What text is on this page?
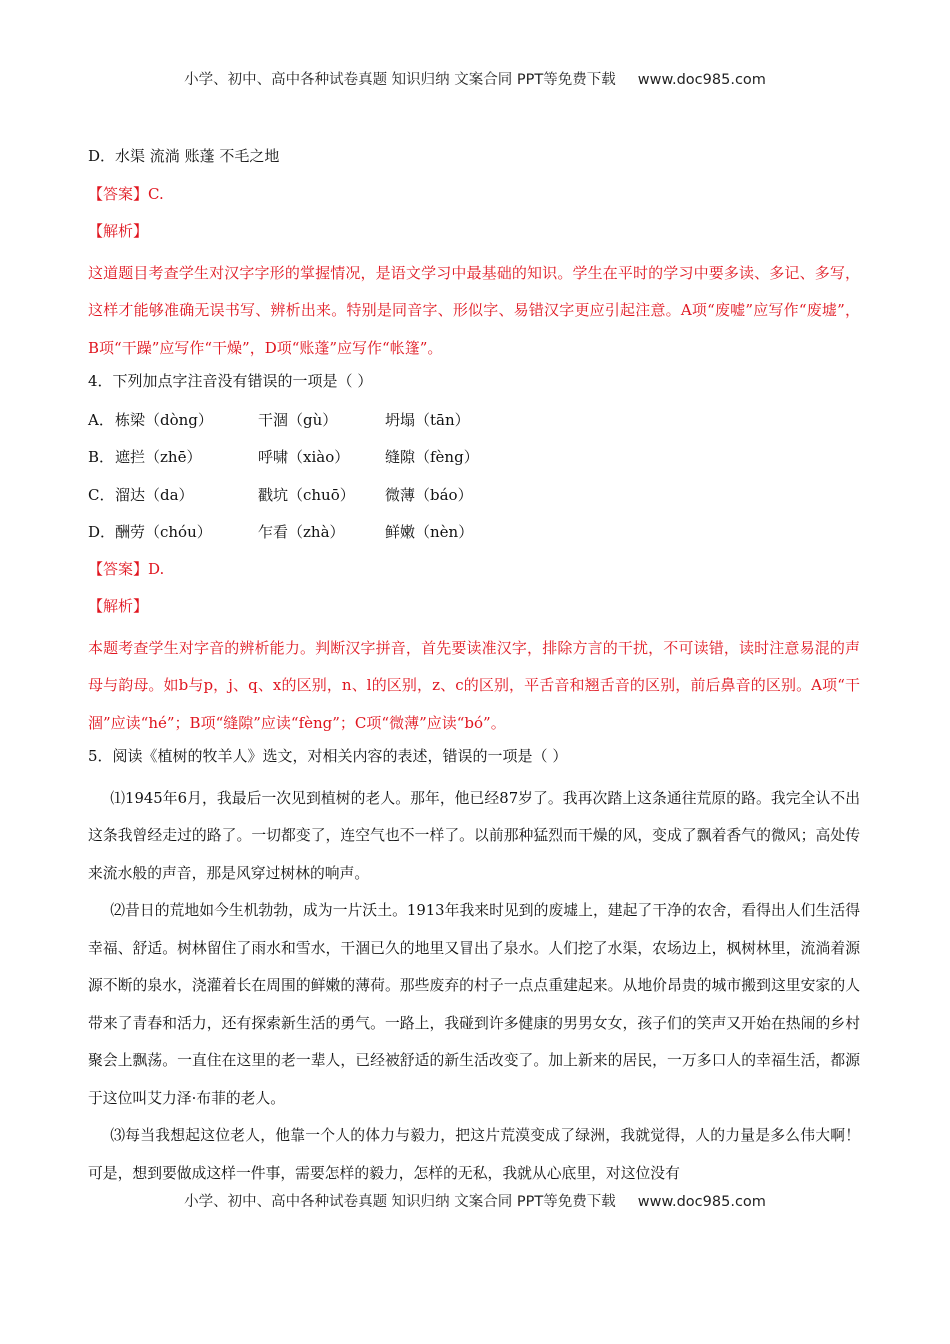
小学、初中、高中各种试卷真题 知识归纳 文案合同 PPT等免费下载 www.doc985.com
D．水渠 流淌 账蓬 不毛之地
【答案】C.
【解析】
这道题目考查学生对汉字字形的掌握情况，是语文学习中最基础的知识。学生在平时的学习中要多读、多记、多写，这样才能够准确无误书写、辨析出来。特别是同音字、形似字、易错汉字更应引起注意。A项“废嘘”应写作“废墟”，B项“干躁”应写作“干燥”，D项“账蓬”应写作“帐篷”。
4．下列加点字注音没有错误的一项是（ ）
A． 栋梁（dòng）	干涸（gù）	坍塌（tān）
B． 遮拦（zhē）	呼啸（xiào） 缝隙（fèng）
C． 溜达（da）	戳坑（chuō） 微薄（báo）
D． 酬劳（chóu）	乍看（zhà）	鲜嫩（nèn）
【答案】D.
【解析】
本题考查学生对字音的辨析能力。判断汉字拼音，首先要读准汉字，排除方言的干扰，不可读错，读时注意易混的声母与韵母。如b与p，j、q、x的区别，n、l的区别，z、c的区别，平舌音和翘舌音的区别，前后鼻音的区别。A项“干涸”应读“hé”；B项“缝隙”应读“fèng”；C项“微薄”应读“bó”。
5．阅读《植树的牧羊人》选文，对相关内容的表述，错误的一项是（ ）
⑴1945年6月，我最后一次见到植树的老人。那年，他已经87岁了。我再次踏上这条通往荒原的路。我完全认不出这条我曾经走过的路了。一切都变了，连空气也不一样了。以前那种猛烈而干燥的风，变成了飘着香气的微风；高处传来流水般的声音，那是风穿过树林的响声。
⑵昔日的荒地如今生机勃勃，成为一片沃土。1913年我来时见到的废墟上，建起了干净的农舍，看得出人们生活得幸福、舒适。树林留住了雨水和雪水，干涸已久的地里又冒出了泉水。人们挖了水渠，农场边上，枫树林里，流淌着源源不断的泉水，浇灌着长在周围的鲜嫩的薄荷。那些废弃的村子一点点重建起来。从地价昂贵的城市搬到这里安家的人带来了青春和活力，还有探索新生活的勇气。一路上，我碰到许多健康的男男女女，孩子们的笑声又开始在热闹的乡村聚会上飘荡。一直住在这里的老一辈人，已经被舒适的新生活改变了。加上新来的居民，一万多口人的幸福生活，都源于这位叫艾力泽·布菲的老人。
⑶每当我想起这位老人，他靠一个人的体力与毅力，把这片荒漠变成了绿洲，我就觉得，人的力量是多么伟大啊！可是，想到要做成这样一件事，需要怎样的毅力，怎样的无私，我就从心底里，对这位没有
小学、初中、高中各种试卷真题 知识归纳 文案合同 PPT等免费下载 www.doc985.com
